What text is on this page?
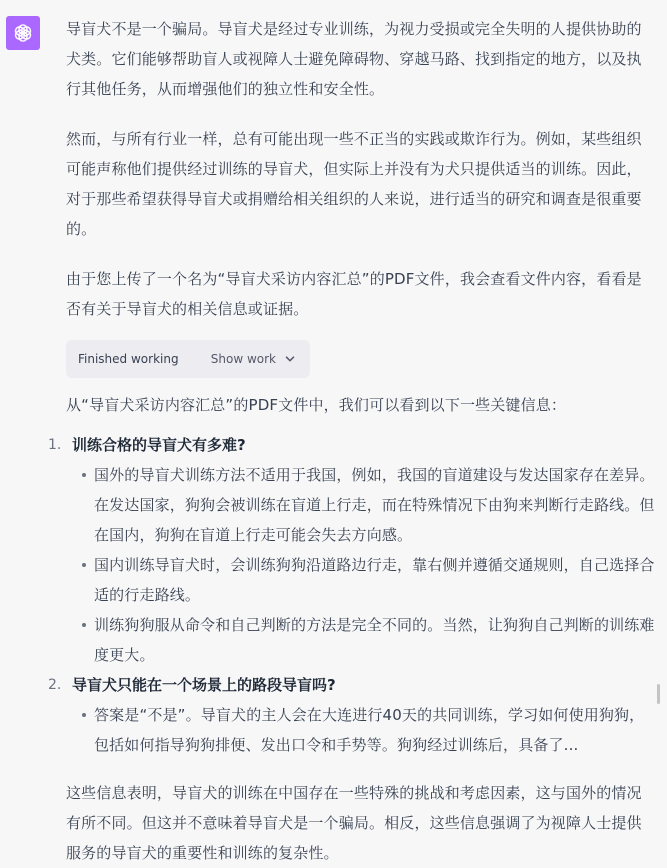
导盲犬不是一个骗局。导盲犬是经过专业训练，为视力受损或完全失明的人提供协助的犬类。它们能够帮助盲人或视障人士避免障碍物、穿越马路、找到指定的地方，以及执行其他任务，从而增强他们的独立性和安全性。

然而，与所有行业一样，总有可能出现一些不正当的实践或欺诈行为。例如，某些组织可能声称他们提供经过训练的导盲犬，但实际上并没有为犬只提供适当的训练。因此，对于那些希望获得导盲犬或捐赠给相关组织的人来说，进行适当的研究和调查是很重要的。

由于您上传了一个名为“导盲犬采访内容汇总”的PDF文件，我会查看文件内容，看看是否有关于导盲犬的相关信息或证据。

Finished working	Show work

从“导盲犬采访内容汇总”的PDF文件中，我们可以看到以下一些关键信息：

1. 训练合格的导盲犬有多难?
国外的导盲犬训练方法不适用于我国，例如，我国的盲道建设与发达国家存在差异。在发达国家，狗狗会被训练在盲道上行走，而在特殊情况下由狗来判断行走路线。但在国内，狗狗在盲道上行走可能会失去方向感。
国内训练导盲犬时，会训练狗狗沿道路边行走，靠右侧并遵循交通规则，自己选择合适的行走路线。
训练狗狗服从命令和自己判断的方法是完全不同的。当然，让狗狗自己判断的训练难度更大。
2. 导盲犬只能在一个场景上的路段导盲吗?
答案是“不是”。导盲犬的主人会在大连进行40天的共同训练，学习如何使用狗狗，包括如何指导狗狗排便、发出口令和手势等。狗狗经过训练后，具备了...

这些信息表明，导盲犬的训练在中国存在一些特殊的挑战和考虑因素，这与国外的情况有所不同。但这并不意味着导盲犬是一个骗局。相反，这些信息强调了为视障人士提供服务的导盲犬的重要性和训练的复杂性。
